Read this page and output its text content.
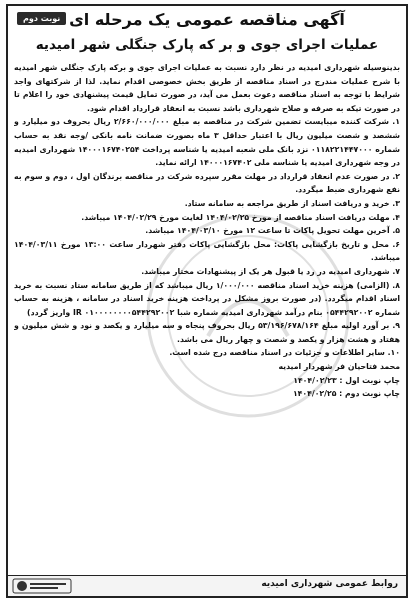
نوبت دوم آگهی مناقصه عمومی یک مرحله ای
عملیات اجرای جوی و بر که پارک جنگلی شهر امیدیه

بدینوسیله شهرداری امیدیه در نظر دارد نسبت به عملیات اجرای جوی و برکه پارک جنگلی شهر امیدیه با شرح عملیات مندرج در اسناد مناقصه از طریق بخش خصوصی اقدام نماید. لذا از شرکتهای واجد شرایط با توجه به اسناد مناقصه دعوت بعمل می آید، در صورت تمایل قیمت پیشنهادی خود را اعلام تا در صورت تیکه به صرفه و صلاح شهرداری باشد نسبت به انعقاد قرارداد اقدام شود.

۱. شرکت کننده میبایست تضمین شرکت در مناقصه به مبلغ ۲/۶۶۰/۰۰۰/۰۰۰ ریال بحروف دو میلیارد و ششصد و شصت میلیون ریال با اعتبار حداقل ۳ ماه بصورت ضمانت نامه بانکی /وجه نقد به حساب شماره ۰۱۱۸۲۲۱۴۴۷۰۰۰ نزد بانک ملی شعبه امیدیه یا شناسه پرداخت ۱۴۰۰۰۱۶۷۴۰۲۵۴ شهرداری امیدیه در وجه شهرداری امیدیه یا شناسه ملی ۱۴۰۰۰۱۶۷۴۰۲ ارائه نماید.

۲. در صورت عدم انعقاد قرارداد در مهلت مقرر سپرده شرکت در مناقصه برندگان اول ، دوم و سوم به نفع شهرداری ضبط میگردد.

۳. خرید و دریافت اسناد از طریق مراجعه به سامانه ستاد.

۴. مهلت دریافت اسناد مناقصه از مورخ ۱۴۰۴/۰۲/۲۵ لغایت مورخ ۱۴۰۴/۰۲/۲۹ میباشد.

۵. آخرین مهلت تحویل پاکات تا ساعت ۱۲ مورخ ۱۴۰۴/۰۳/۱۰ میباشد.

۶. محل و تاریخ بازگشایی پاکات: محل بازگشایی پاکات دفتر شهردار ساعت ۱۳:۰۰ مورخ ۱۴۰۴/۰۳/۱۱ میباشد.

۷. شهرداری امیدیه در رد یا قبول هر یک از پیشنهادات مختار میباشد.

۸. (الزامی) هزینه خرید اسناد مناقصه ۱/۰۰۰/۰۰۰ ریال میباشد که از طریق سامانه ستاد نسبت به خرید اسناد اقدام میگردد. (در صورت بروز مشکل در پرداخت هزینه خرید اسناد در سامانه ، هزینه به حساب شماره ۰۵۴۴۲۹۲۰۰۲ بنام درآمد شهرداری امیدیه شماره شبا IR ۰۱۰۰۰۰۰۰۰۰۵۴۴۲۹۲۰۰۲ واریز گردد)

۹. بر آورد اولیه مبلغ ۵۳/۱۹۶/۶۷۸/۱۶۴ ریال بحروف پنجاه و سه میلیارد و یکصد و نود و شش میلیون و هفتاد و هشت هزار و یکصد و شصت و چهار ریال می باشد.

۱۰. سایر اطلاعات و جزئیات در اسناد مناقصه درج شده است.

محمد فتاحیان فر شهردار امیدیه

چاپ نوبت اول : ۱۴۰۴/۰۲/۲۳

چاپ نوبت دوم : ۱۴۰۴/۰۲/۲۵

روابط عمومی شهرداری امیدیه
